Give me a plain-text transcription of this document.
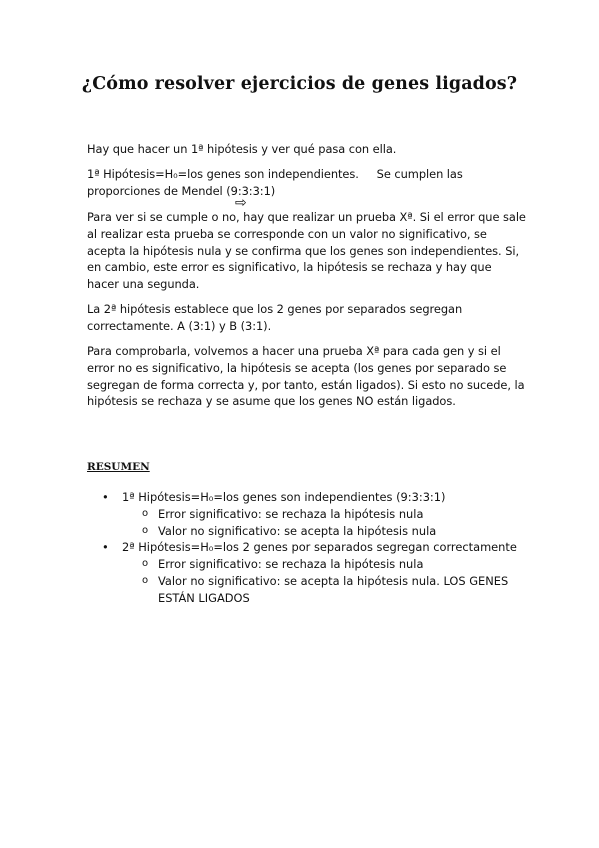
¿Cómo resolver ejercicios de genes ligados?

Hay que hacer un 1ª hipótesis y ver qué pasa con ella.

1ª Hipótesis=H₀=los genes son independientes.     Se cumplen las
proporciones de Mendel (9:3:3:1)
⇨

Para ver si se cumple o no, hay que realizar un prueba Xª. Si el error que sale al realizar esta prueba se corresponde con un valor no significativo, se acepta la hipótesis nula y se confirma que los genes son independientes. Si, en cambio, este error es significativo, la hipótesis se rechaza y hay que hacer una segunda.

La 2ª hipótesis establece que los 2 genes por separados segregan correctamente. A (3:1) y B (3:1).

Para comprobarla, volvemos a hacer una prueba Xª para cada gen y si el error no es significativo, la hipótesis se acepta (los genes por separado se segregan de forma correcta y, por tanto, están ligados). Si esto no sucede, la hipótesis se rechaza y se asume que los genes NO están ligados.

RESUMEN
• 1ª Hipótesis=H₀=los genes son independientes (9:3:3:1)
o Error significativo: se rechaza la hipótesis nula
o Valor no significativo: se acepta la hipótesis nula
• 2ª Hipótesis=H₀=los 2 genes por separados segregan correctamente
o Error significativo: se rechaza la hipótesis nula
o Valor no significativo: se acepta la hipótesis nula. LOS GENES ESTÁN LIGADOS
